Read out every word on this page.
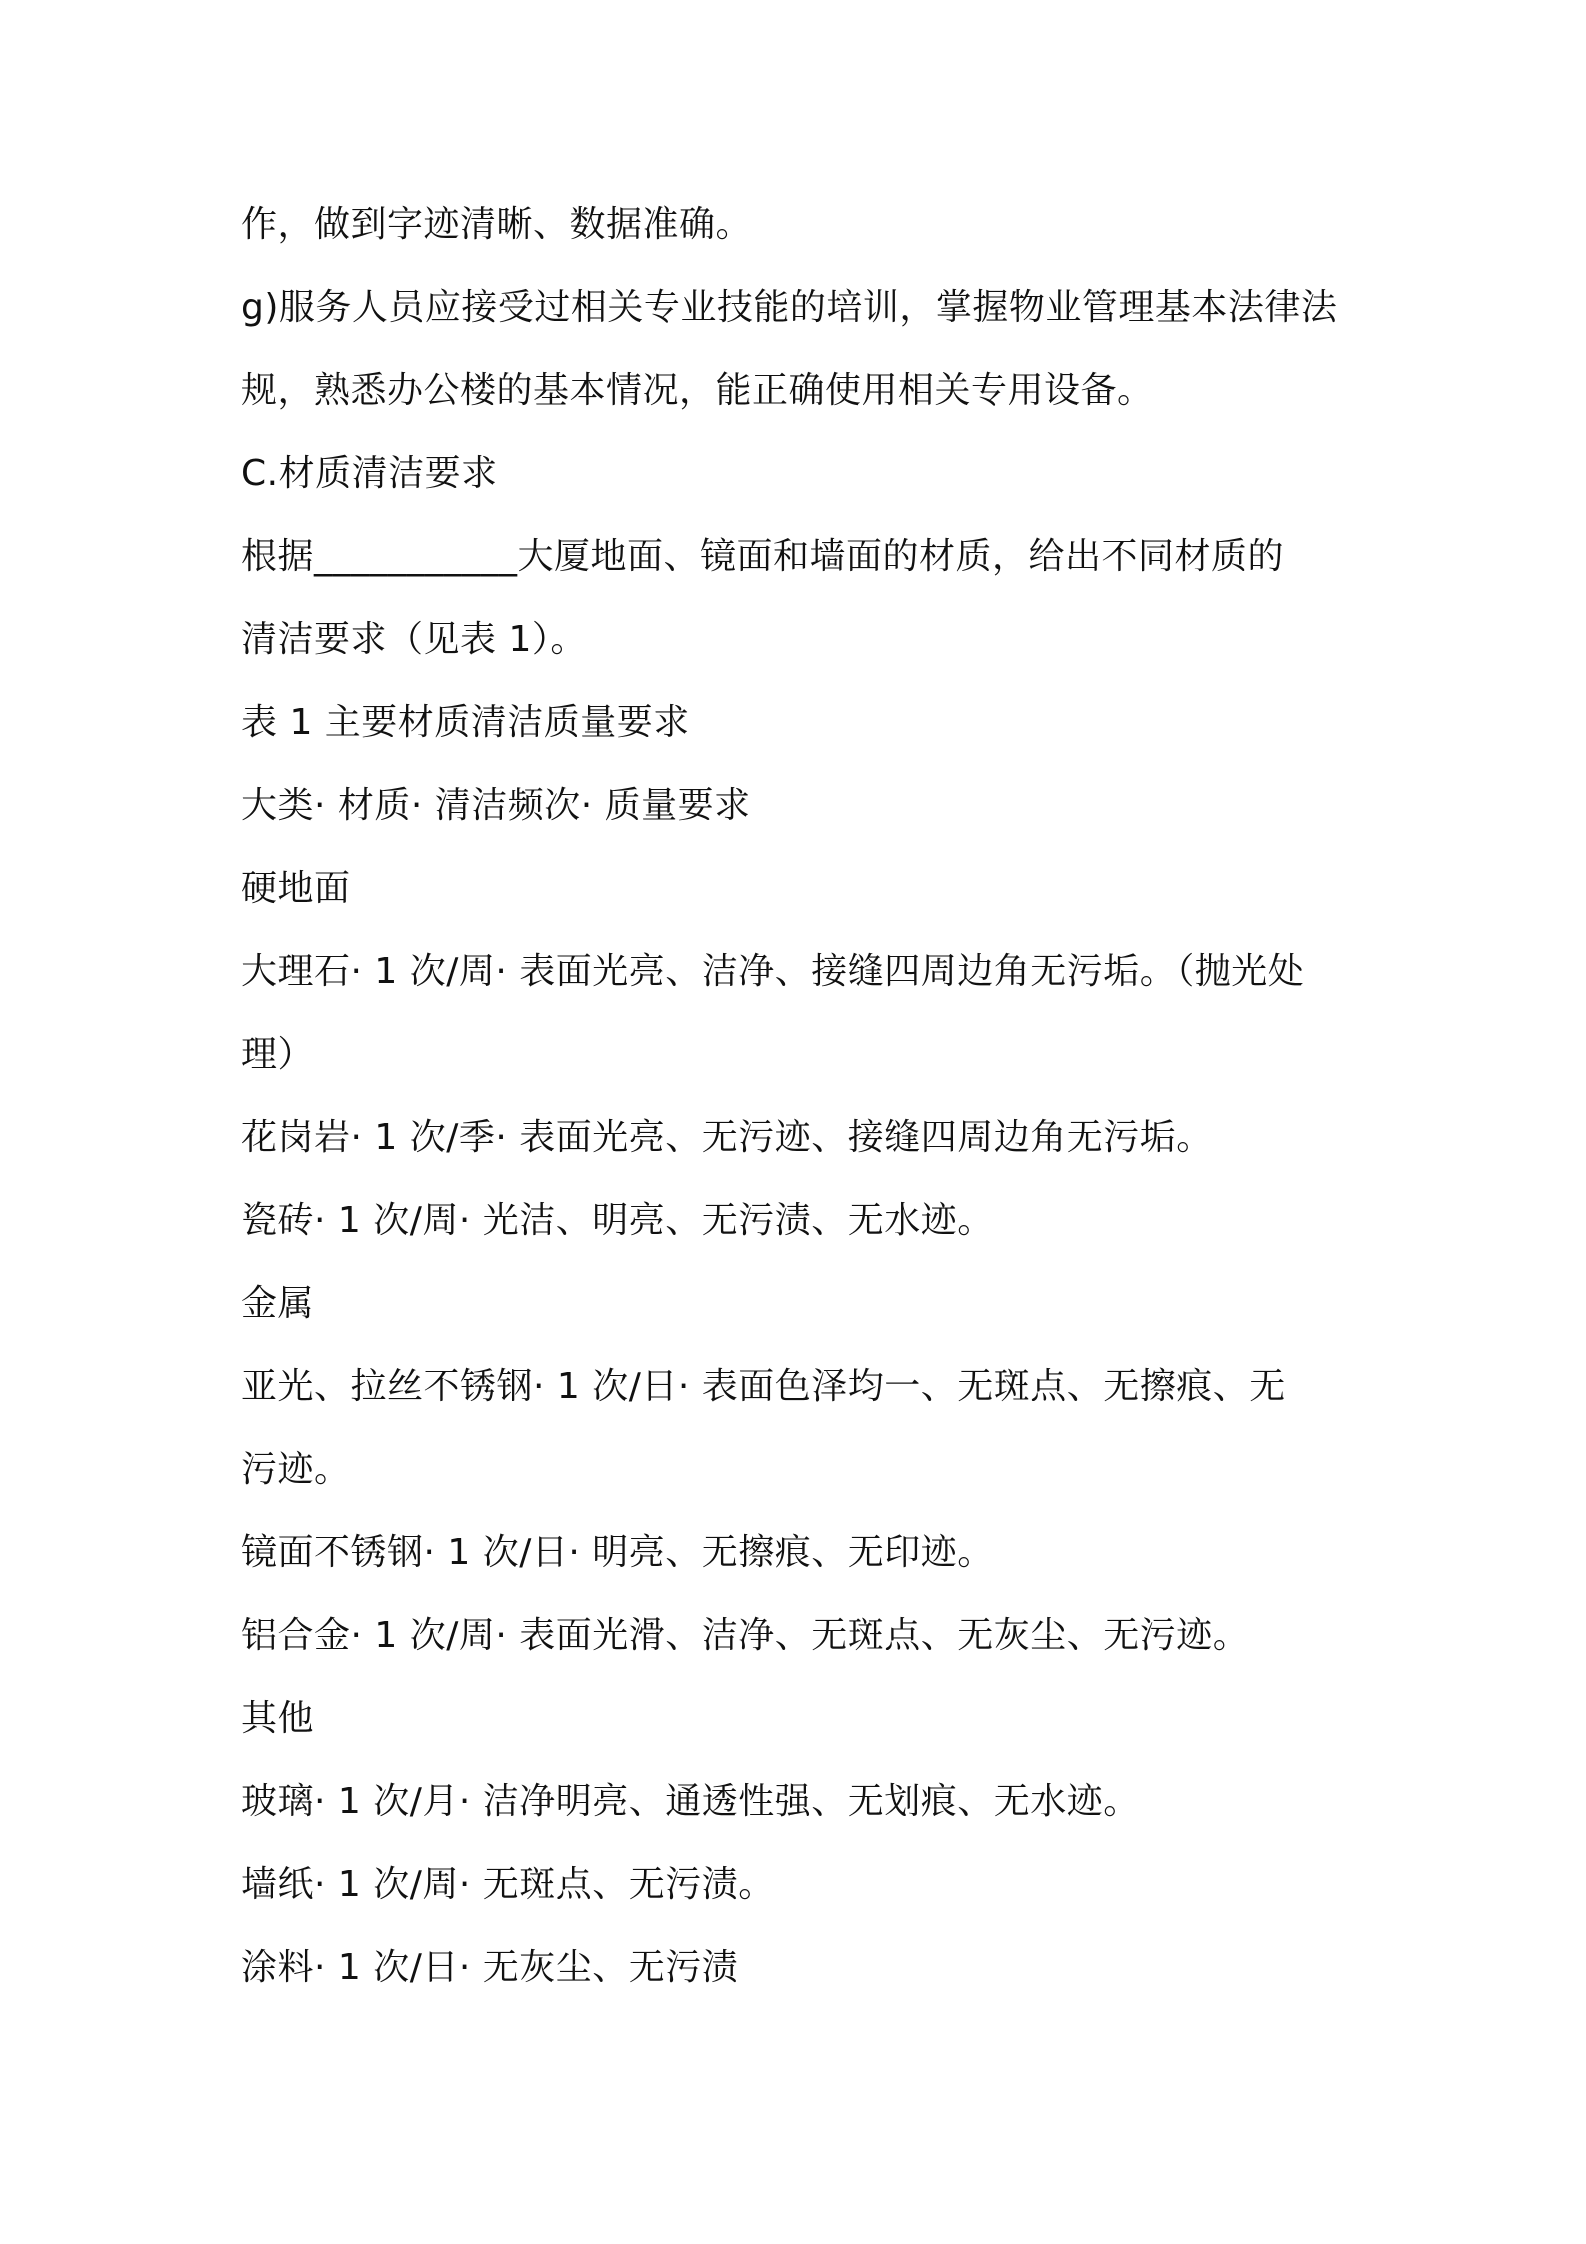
作，做到字迹清晰、数据准确。
g)服务人员应接受过相关专业技能的培训，掌握物业管理基本法律法
规，熟悉办公楼的基本情况，能正确使用相关专用设备。
C.材质清洁要求
根据___________大厦地面、镜面和墙面的材质，给出不同材质的
清洁要求（见表 1）。
表 1 主要材质清洁质量要求
大类· 材质· 清洁频次· 质量要求
硬地面
大理石· 1 次/周· 表面光亮、洁净、接缝四周边角无污垢。（抛光处
理）
花岗岩· 1 次/季· 表面光亮、无污迹、接缝四周边角无污垢。
瓷砖· 1 次/周· 光洁、明亮、无污渍、无水迹。
金属
亚光、拉丝不锈钢· 1 次/日· 表面色泽均一、无斑点、无擦痕、无
污迹。
镜面不锈钢· 1 次/日· 明亮、无擦痕、无印迹。
铝合金· 1 次/周· 表面光滑、洁净、无斑点、无灰尘、无污迹。
其他
玻璃· 1 次/月· 洁净明亮、通透性强、无划痕、无水迹。
墙纸· 1 次/周· 无斑点、无污渍。
涂料· 1 次/日· 无灰尘、无污渍
